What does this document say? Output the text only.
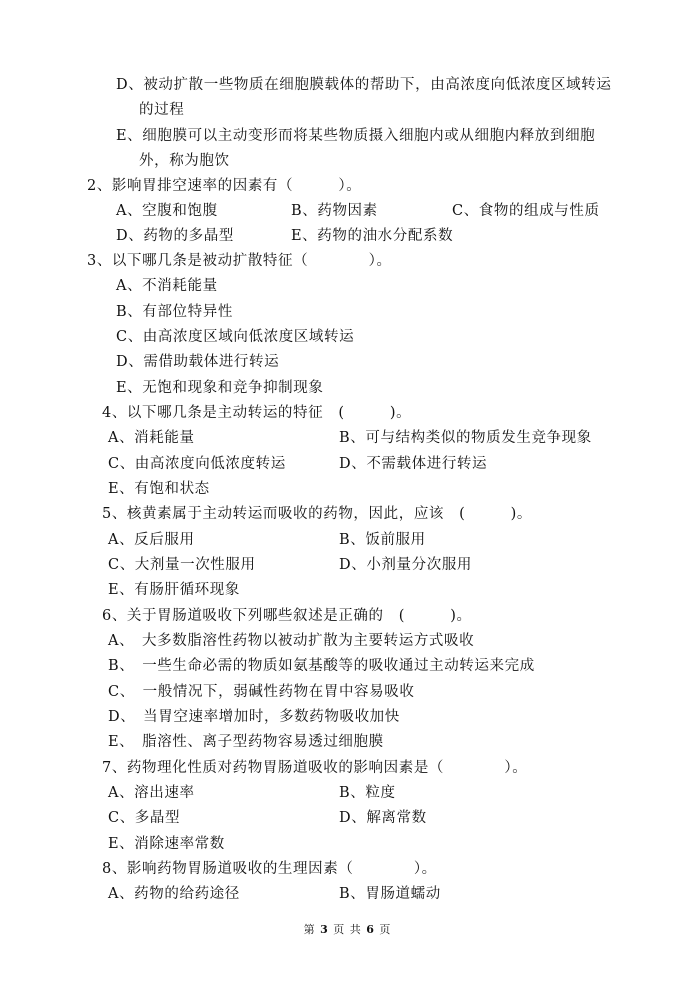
D、被动扩散一些物质在细胞膜载体的帮助下，由高浓度向低浓度区域转运
的过程
E、细胞膜可以主动变形而将某些物质摄入细胞内或从细胞内释放到细胞
外，称为胞饮
2、影响胃排空速率的因素有（　　　）。
A、空腹和饱腹	B、药物因素	C、食物的组成与性质
D、药物的多晶型	E、药物的油水分配系数
3、以下哪几条是被动扩散特征（　　　　）。
A、不消耗能量
B、有部位特异性
C、由高浓度区域向低浓度区域转运
D、需借助载体进行转运
E、无饱和现象和竞争抑制现象
4、以下哪几条是主动转运的特征　(　　　)。
A、消耗能量	B、可与结构类似的物质发生竞争现象
C、由高浓度向低浓度转运	D、不需载体进行转运
E、有饱和状态
5、核黄素属于主动转运而吸收的药物，因此，应该　(　　　)。
A、反后服用	B、饭前服用
C、大剂量一次性服用	D、小剂量分次服用
E、有肠肝循环现象
6、关于胃肠道吸收下列哪些叙述是正确的　(　　　)。
A、　大多数脂溶性药物以被动扩散为主要转运方式吸收
B、　一些生命必需的物质如氨基酸等的吸收通过主动转运来完成
C、　一般情况下，弱碱性药物在胃中容易吸收
D、　当胃空速率增加时，多数药物吸收加快
E、　脂溶性、离子型药物容易透过细胞膜
7、药物理化性质对药物胃肠道吸收的影响因素是（　　　　）。
A、溶出速率	B、粒度
C、多晶型	D、解离常数
E、消除速率常数
8、影响药物胃肠道吸收的生理因素（　　　　）。
A、药物的给药途径	B、胃肠道蠕动
第 3 页 共 6 页
